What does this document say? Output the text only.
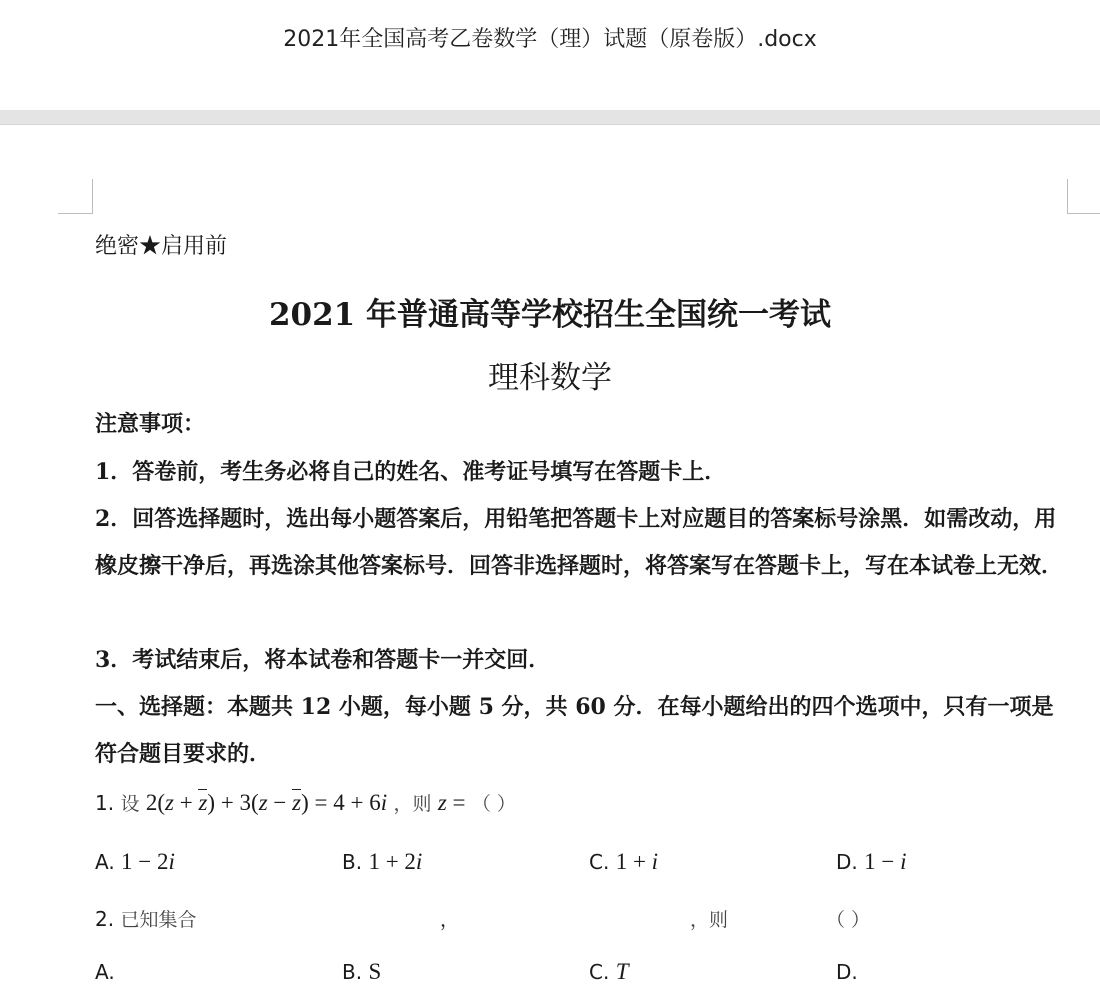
2021年全国高考乙卷数学（理）试题（原卷版）.docx
绝密★启用前
2021 年普通高等学校招生全国统一考试
理科数学
注意事项：
1．答卷前，考生务必将自己的姓名、准考证号填写在答题卡上．
2．回答选择题时，选出每小题答案后，用铅笔把答题卡上对应题目的答案标号涂黑．如需改动，用橡皮擦干净后，再选涂其他答案标号．回答非选择题时，将答案写在答题卡上，写在本试卷上无效．
3．考试结束后，将本试卷和答题卡一并交回．
一、选择题：本题共 12 小题，每小题 5 分，共 60 分．在每小题给出的四个选项中，只有一项是符合题目要求的．
1. 设 2(z + z) + 3(z − z) = 4 + 6i ，则 z = （ ）
A. 1 − 2i	B. 1 + 2i	C. 1 + i	D. 1 − i
2. 已知集合	，	，则	（ ）
A.	B. S	C. T	D.
